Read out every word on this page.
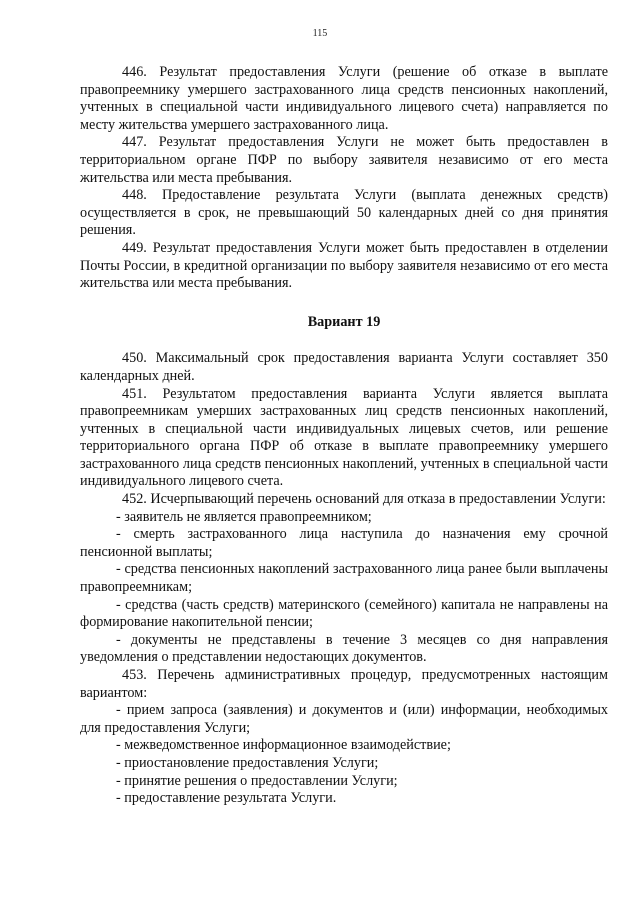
115

446. Результат предоставления Услуги (решение об отказе в выплате правопреемнику умершего застрахованного лица средств пенсионных накоплений, учтенных в специальной части индивидуального лицевого счета) направляется по месту жительства умершего застрахованного лица.

447. Результат предоставления Услуги не может быть предоставлен в территориальном органе ПФР по выбору заявителя независимо от его места жительства или места пребывания.

448. Предоставление результата Услуги (выплата денежных средств) осуществляется в срок, не превышающий 50 календарных дней со дня принятия решения.

449. Результат предоставления Услуги может быть предоставлен в отделении Почты России, в кредитной организации по выбору заявителя независимо от его места жительства или места пребывания.

Вариант 19

450. Максимальный срок предоставления варианта Услуги составляет 350 календарных дней.

451. Результатом предоставления варианта Услуги является выплата правопреемникам умерших застрахованных лиц средств пенсионных накоплений, учтенных в специальной части индивидуальных лицевых счетов, или решение территориального органа ПФР об отказе в выплате правопреемнику умершего застрахованного лица средств пенсионных накоплений, учтенных в специальной части индивидуального лицевого счета.

452. Исчерпывающий перечень оснований для отказа в предоставлении Услуги:

- заявитель не является правопреемником;

- смерть застрахованного лица наступила до назначения ему срочной пенсионной выплаты;

- средства пенсионных накоплений застрахованного лица ранее были выплачены правопреемникам;

- средства (часть средств) материнского (семейного) капитала не направлены на формирование накопительной пенсии;

- документы не представлены в течение 3 месяцев со дня направления уведомления о представлении недостающих документов.

453. Перечень административных процедур, предусмотренных настоящим вариантом:

- прием запроса (заявления) и документов и (или) информации, необходимых для предоставления Услуги;

- межведомственное информационное взаимодействие;

- приостановление предоставления Услуги;

- принятие решения о предоставлении Услуги;

- предоставление результата Услуги.
